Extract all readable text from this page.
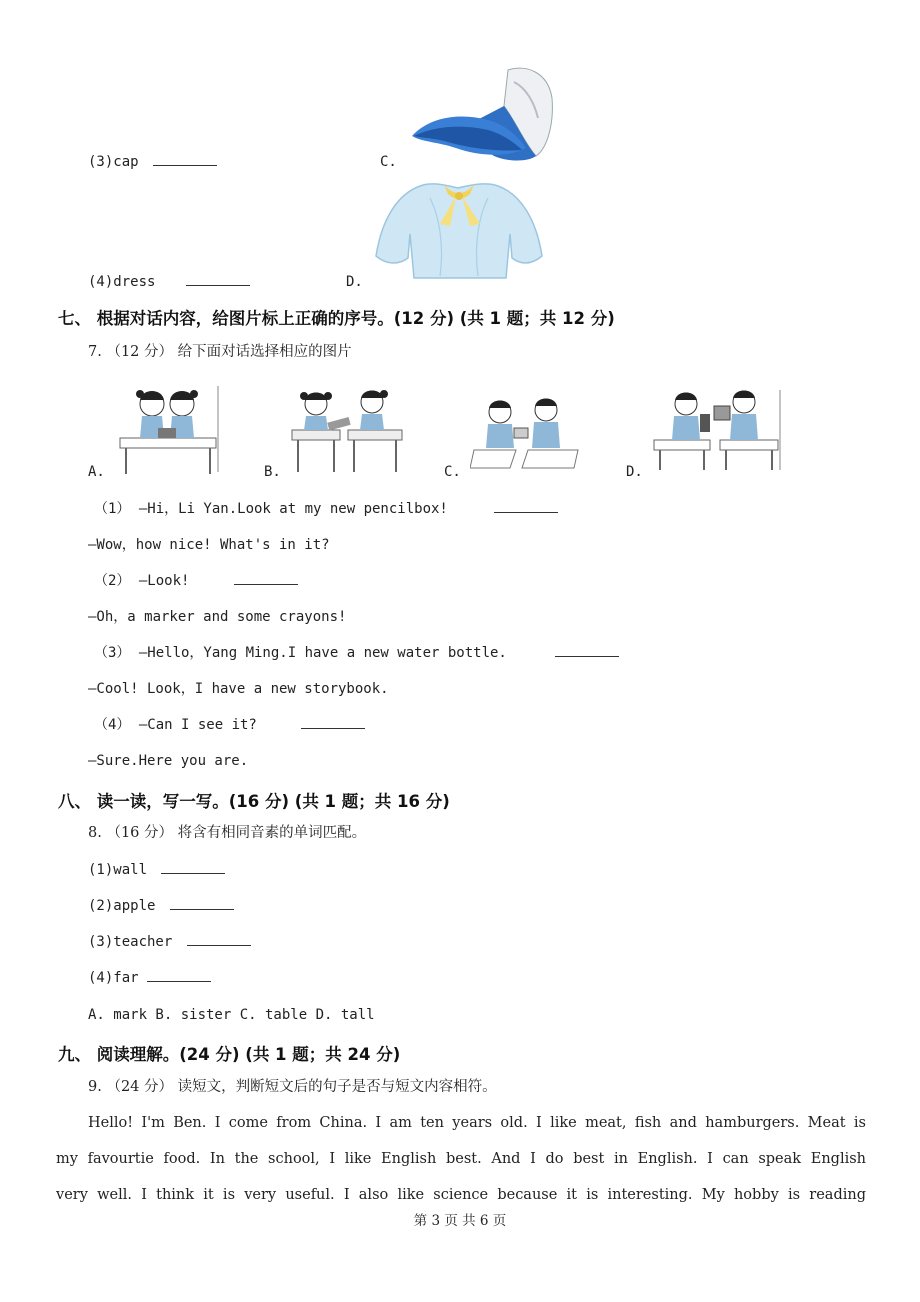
(3)cap	C.
(4)dress	D.
七、 根据对话内容，给图片标上正确的序号。(12 分) (共 1 题；共 12 分)
7. （12 分） 给下面对话选择相应的图片
A.	B.	C.	D.
（1） —Hi，Li Yan.Look at my new pencilbox!
—Wow，how nice! What's in it?
（2） —Look!
—Oh，a marker and some crayons!
（3） —Hello，Yang Ming.I have a new water bottle.
—Cool! Look，I have a new storybook.
（4） —Can I see it?
—Sure.Here you are.
八、 读一读，写一写。(16 分) (共 1 题；共 16 分)
8. （16 分） 将含有相同音素的单词匹配。
(1)wall
(2)apple
(3)teacher
(4)far
A. mark B. sister C. table D. tall
九、 阅读理解。(24 分) (共 1 题；共 24 分)
9. （24 分） 读短文，判断短文后的句子是否与短文内容相符。
Hello! I'm Ben. I come from China. I am ten years old. I like meat, fish and hamburgers. Meat is
my favourtie food. In the school, I like English best. And I do best in English. I can speak English
very well. I think it is very useful. I also like science because it is interesting. My hobby is reading
第 3 页 共 6 页
